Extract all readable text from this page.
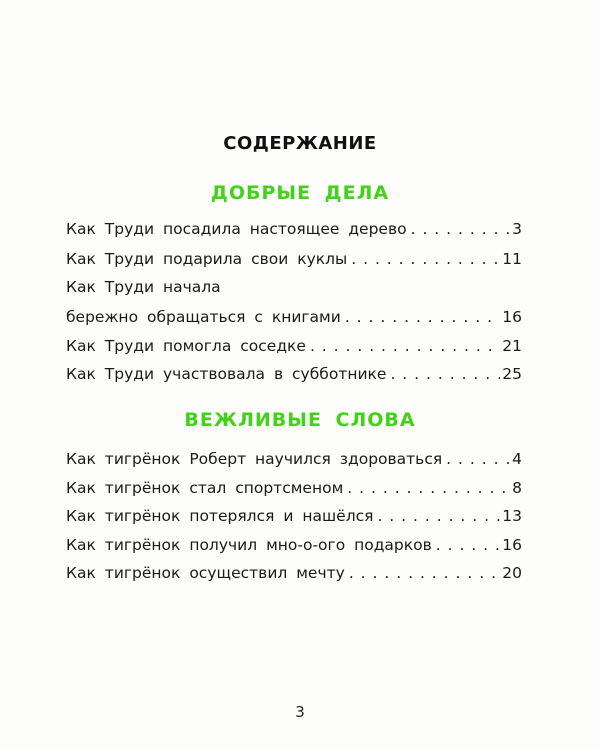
СОДЕРЖАНИЕ
ДОБРЫЕ ДЕЛА
Как Труди посадила настоящее дерево . . .	3
Как Труди подарила свои куклы . . .	11
Как Труди начала
бережно обращаться с книгами . . .	16
Как Труди помогла соседке . . .	21
Как Труди участвовала в субботнике . . .	25
ВЕЖЛИВЫЕ СЛОВА
Как тигрёнок Роберт научился здороваться . . .	4
Как тигрёнок стал спортсменом . . .	8
Как тигрёнок потерялся и нашёлся . . .	13
Как тигрёнок получил мно-о-ого подарков . . .	16
Как тигрёнок осуществил мечту . . .	20
3
